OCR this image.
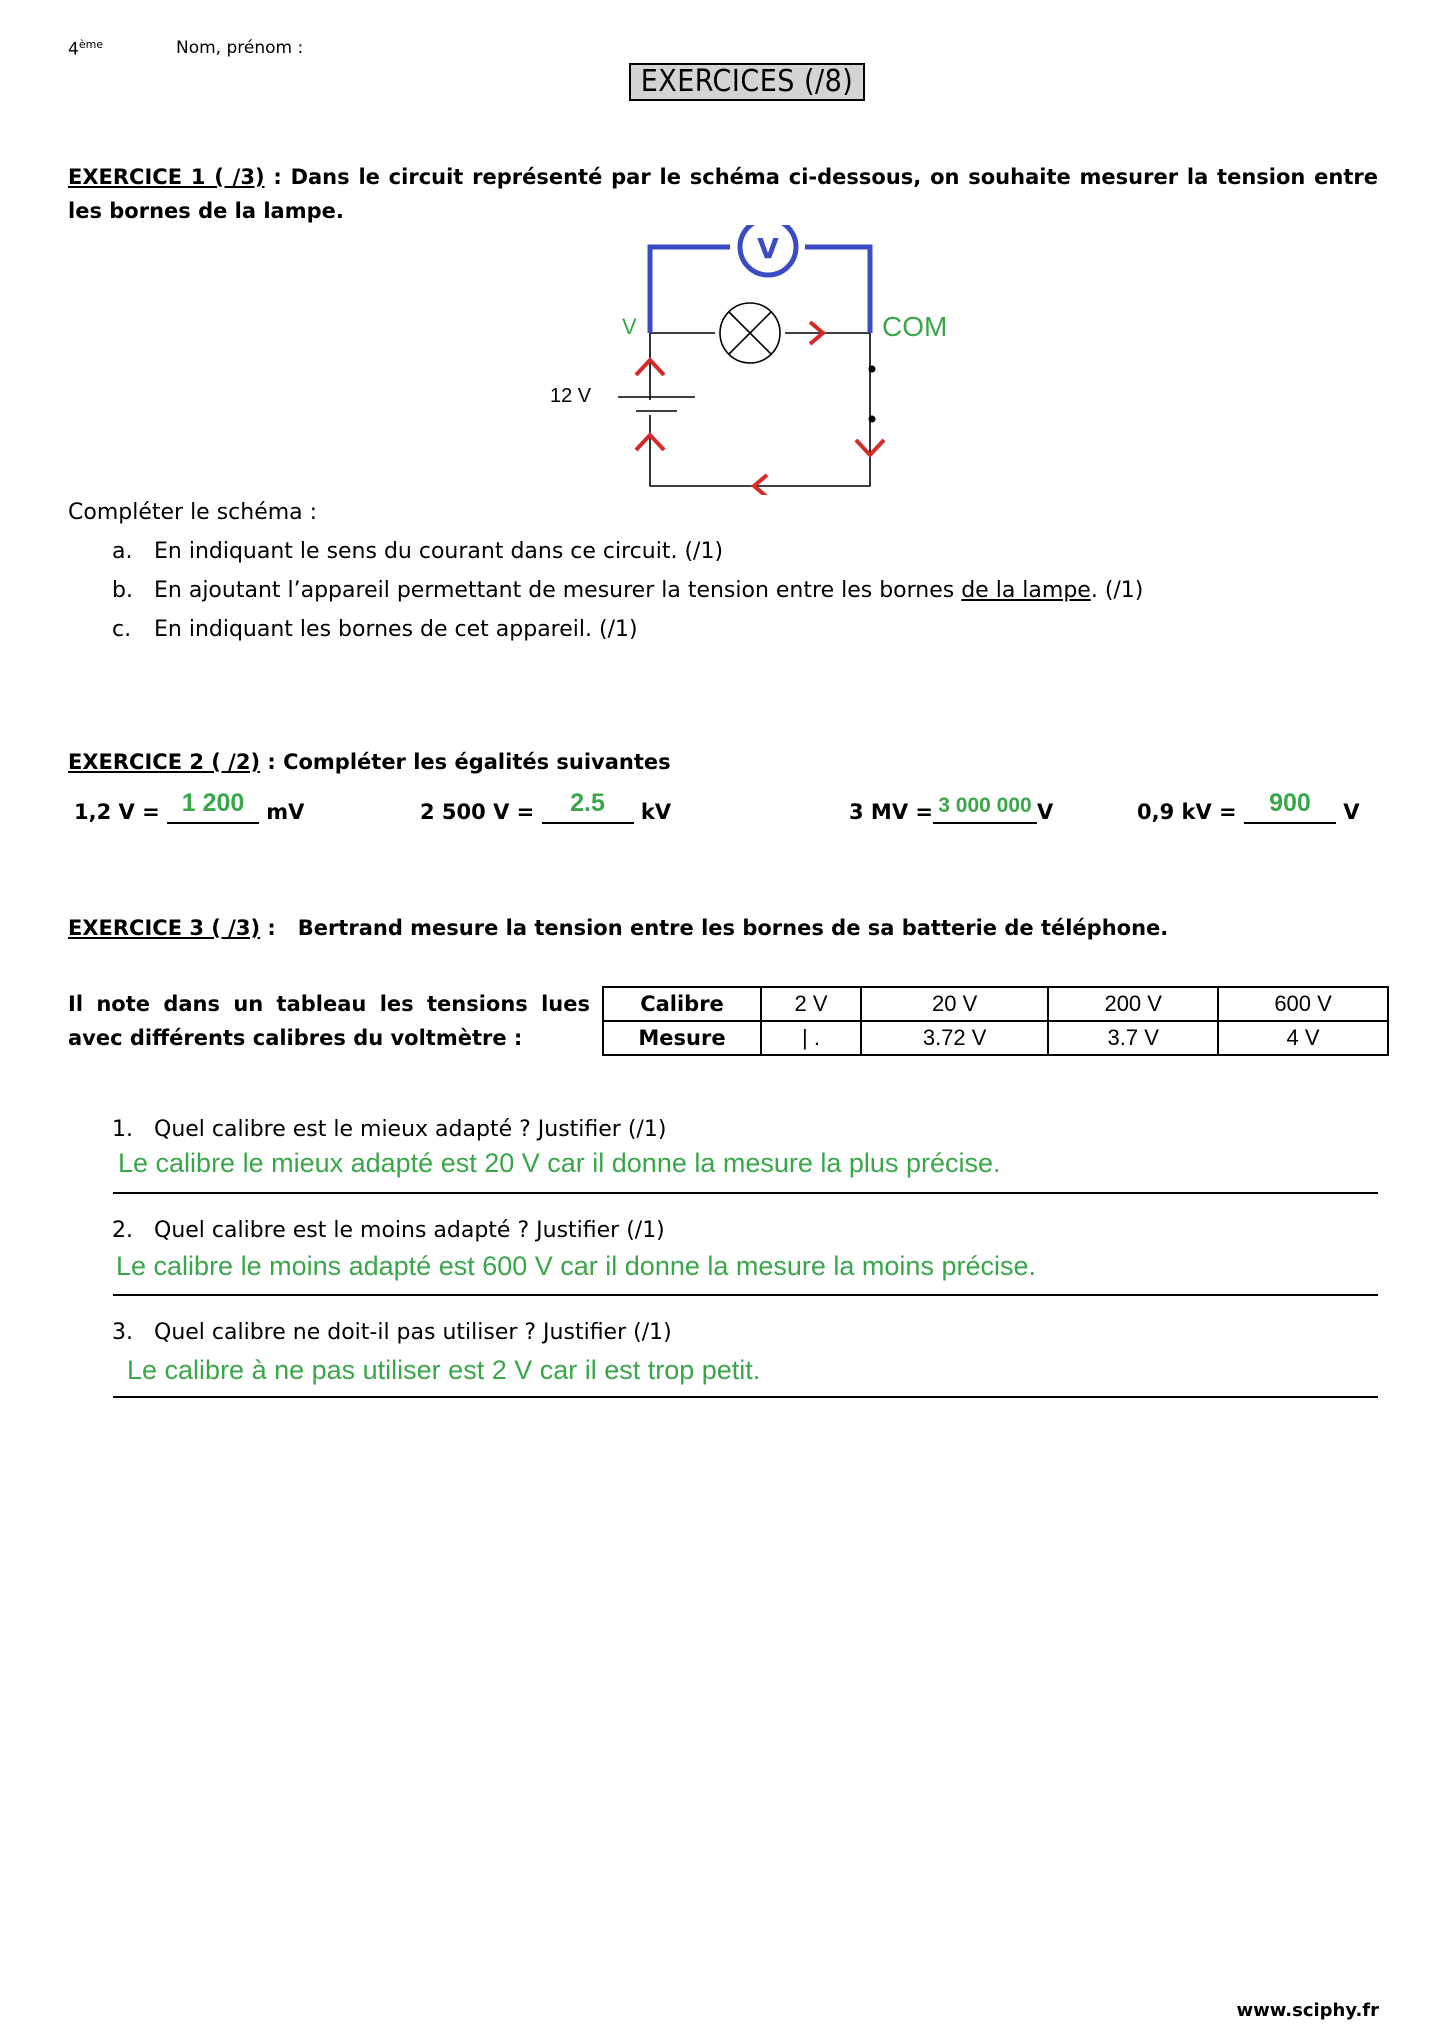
4ème	Nom, prénom :
EXERCICES (/8)
EXERCICE 1 ( /3) : Dans le circuit représenté par le schéma ci-dessous, on souhaite mesurer la tension entre les bornes de la lampe.
V
V	COM
12 V
Compléter le schéma :
a. En indiquant le sens du courant dans ce circuit. (/1)
b. En ajoutant l’appareil permettant de mesurer la tension entre les bornes de la lampe. (/1)
c. En indiquant les bornes de cet appareil. (/1)
EXERCICE 2 ( /2) : Compléter les égalités suivantes
1,2 V = 1 200	mV	2 500 V =	2.5	kV	3 MV = 3 000 000 V	0,9 kV =	900	V
EXERCICE 3 ( /3) :   Bertrand mesure la tension entre les bornes de sa batterie de téléphone.
Il note dans un tableau les tensions lues avec différents calibres du voltmètre :
Calibre	2 V	20 V	200 V	600 V
Mesure	| .	3.72 V	3.7 V	4 V
1. Quel calibre est le mieux adapté ? Justifier (/1)
Le calibre le mieux adapté est 20 V car il donne la mesure la plus précise.
2. Quel calibre est le moins adapté ? Justifier (/1)
Le calibre le moins adapté est 600 V car il donne la mesure la moins précise.
3. Quel calibre ne doit-il pas utiliser ? Justifier (/1)
Le calibre à ne pas utiliser est 2 V car il est trop petit.
www.sciphy.fr
